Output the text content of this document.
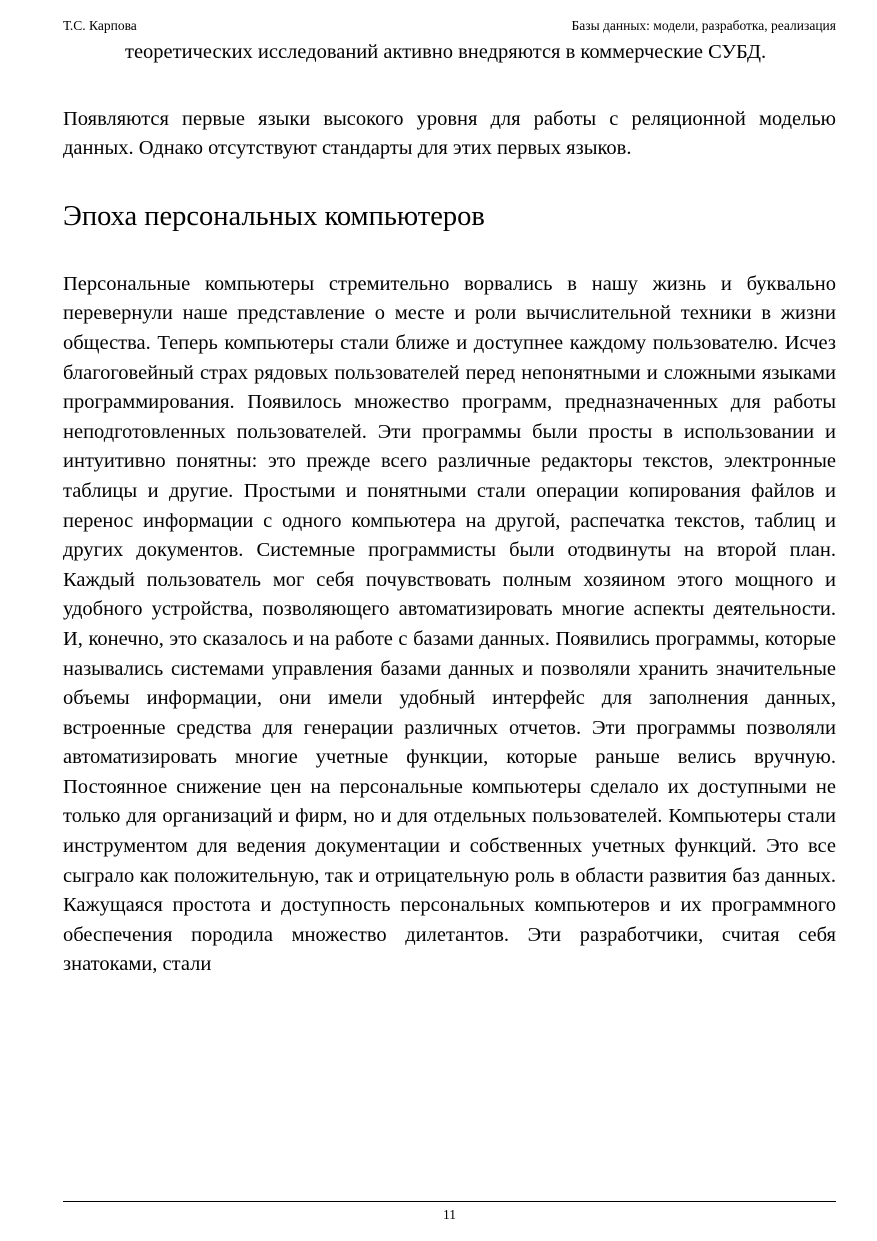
Т.С. Карпова	Базы данных: модели, разработка, реализация

теоретических исследований активно внедряются в коммерческие СУБД.

Появляются первые языки высокого уровня для работы с реляционной моделью данных. Однако отсутствуют стандарты для этих первых языков.

Эпоха персональных компьютеров

Персональные компьютеры стремительно ворвались в нашу жизнь и буквально перевернули наше представление о месте и роли вычислительной техники в жизни общества. Теперь компьютеры стали ближе и доступнее каждому пользователю. Исчез благоговейный страх рядовых пользователей перед непонятными и сложными языками программирования. Появилось множество программ, предназначенных для работы неподготовленных пользователей. Эти программы были просты в использовании и интуитивно понятны: это прежде всего различные редакторы текстов, электронные таблицы и другие. Простыми и понятными стали операции копирования файлов и перенос информации с одного компьютера на другой, распечатка текстов, таблиц и других документов. Системные программисты были отодвинуты на второй план. Каждый пользователь мог себя почувствовать полным хозяином этого мощного и удобного устройства, позволяющего автоматизировать многие аспекты деятельности. И, конечно, это сказалось и на работе с базами данных. Появились программы, которые назывались системами управления базами данных и позволяли хранить значительные объемы информации, они имели удобный интерфейс для заполнения данных, встроенные средства для генерации различных отчетов. Эти программы позволяли автоматизировать многие учетные функции, которые раньше велись вручную. Постоянное снижение цен на персональные компьютеры сделало их доступными не только для организаций и фирм, но и для отдельных пользователей. Компьютеры стали инструментом для ведения документации и собственных учетных функций. Это все сыграло как положительную, так и отрицательную роль в области развития баз данных. Кажущаяся простота и доступность персональных компьютеров и их программного обеспечения породила множество дилетантов. Эти разработчики, считая себя знатоками, стали

11
